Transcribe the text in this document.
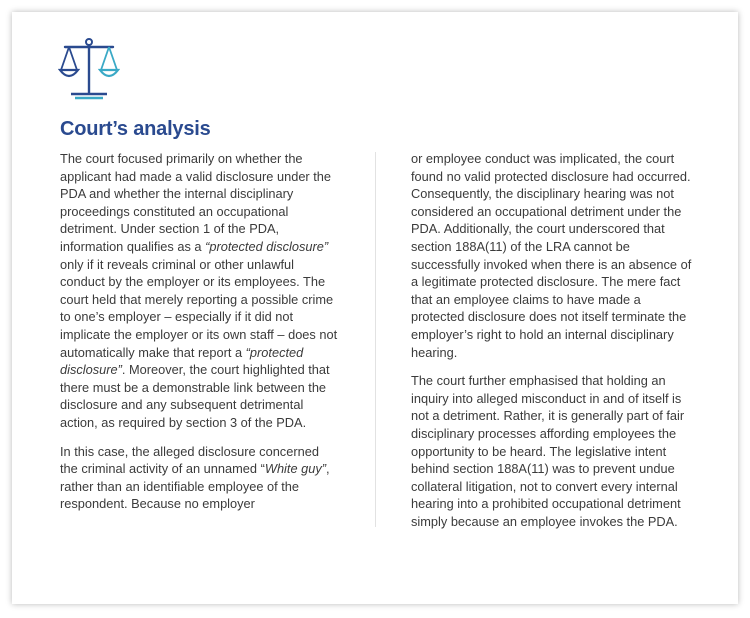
Court’s analysis

The court focused primarily on whether the applicant had made a valid disclosure under the PDA and whether the internal disciplinary proceedings constituted an occupational detriment. Under section 1 of the PDA, information qualifies as a “protected disclosure” only if it reveals criminal or other unlawful conduct by the employer or its employees. The court held that merely reporting a possible crime to one’s employer – especially if it did not implicate the employer or its own staff – does not automatically make that report a “protected disclosure”. Moreover, the court highlighted that there must be a demonstrable link between the disclosure and any subsequent detrimental action, as required by section 3 of the PDA.

In this case, the alleged disclosure concerned the criminal activity of an unnamed “White guy”, rather than an identifiable employee of the respondent. Because no employer

or employee conduct was implicated, the court found no valid protected disclosure had occurred. Consequently, the disciplinary hearing was not considered an occupational detriment under the PDA. Additionally, the court underscored that section 188A(11) of the LRA cannot be successfully invoked when there is an absence of a legitimate protected disclosure. The mere fact that an employee claims to have made a protected disclosure does not itself terminate the employer’s right to hold an internal disciplinary hearing.

The court further emphasised that holding an inquiry into alleged misconduct in and of itself is not a detriment. Rather, it is generally part of fair disciplinary processes affording employees the opportunity to be heard. The legislative intent behind section 188A(11) was to prevent undue collateral litigation, not to convert every internal hearing into a prohibited occupational detriment simply because an employee invokes the PDA.
